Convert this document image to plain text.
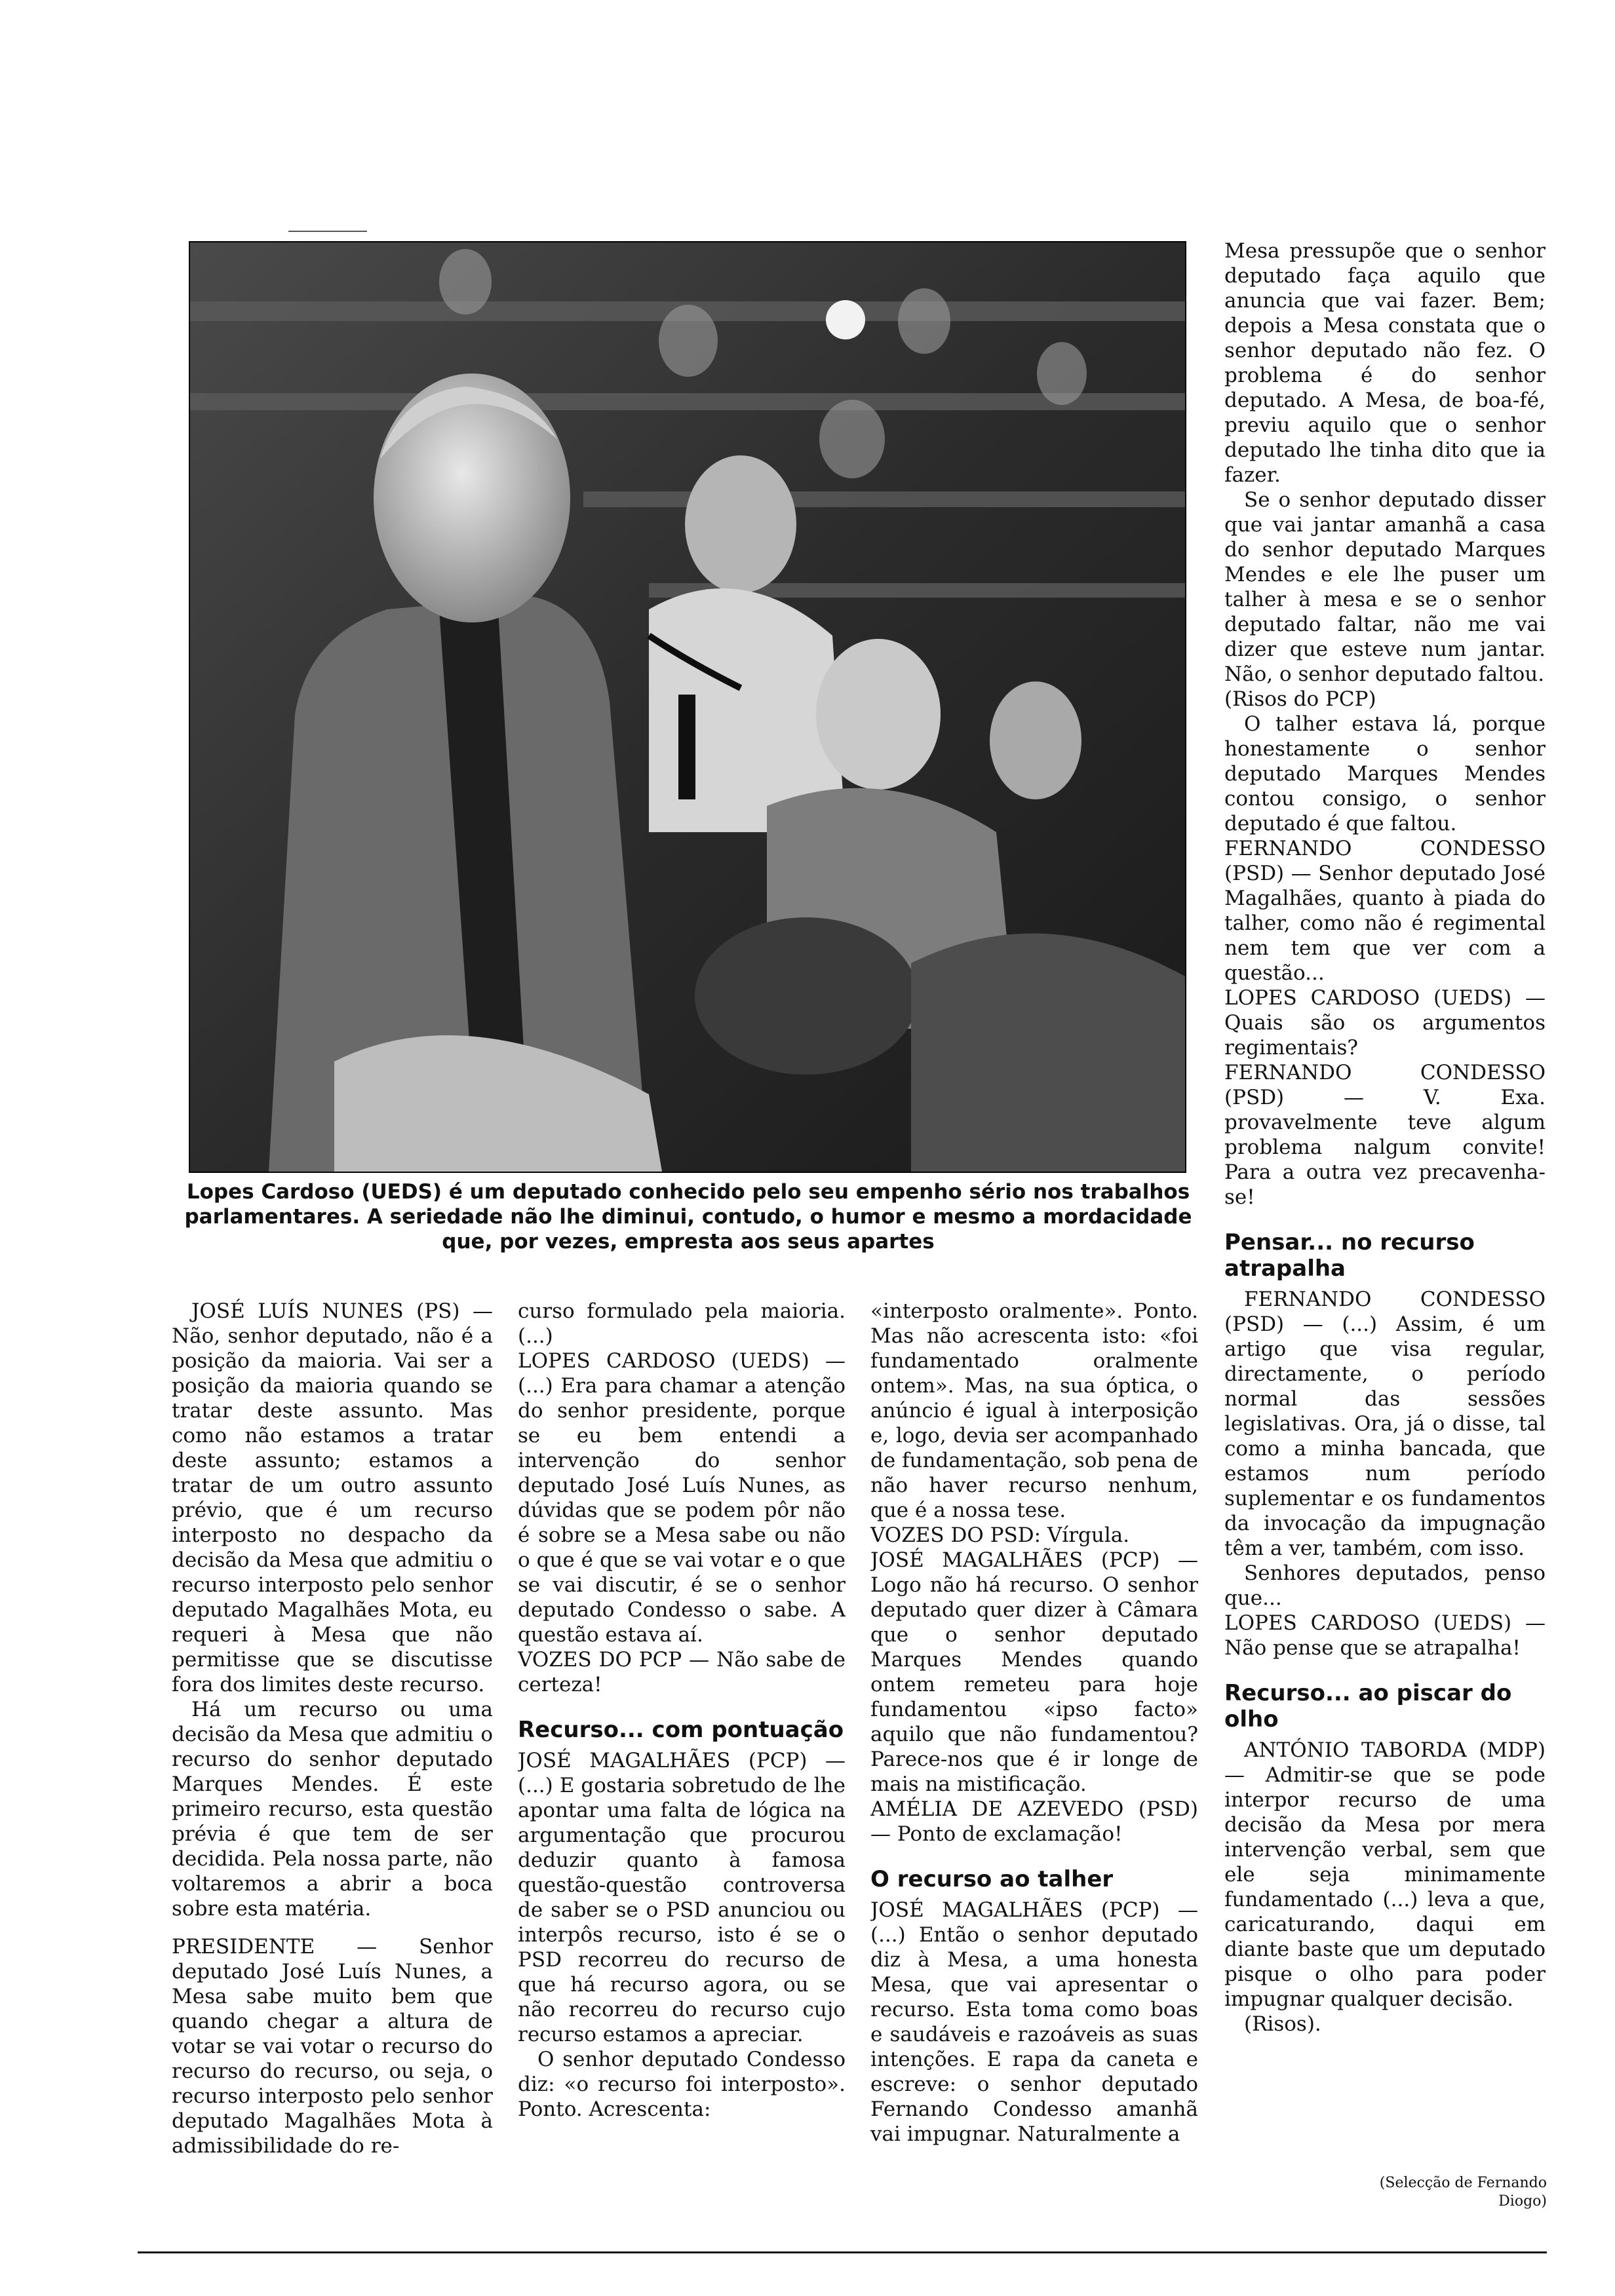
Lopes Cardoso (UEDS) é um deputado conhecido pelo seu empenho sério nos trabalhos parlamentares. A seriedade não lhe diminui, contudo, o humor e mesmo a mordacidade que, por vezes, empresta aos seus apartes

Mesa pressupõe que o senhor deputado faça aquilo que anuncia que vai fazer. Bem; depois a Mesa constata que o senhor deputado não fez. O problema é do senhor deputado. A Mesa, de boa-fé, previu aquilo que o senhor deputado lhe tinha dito que ia fazer.

Se o senhor deputado disser que vai jantar amanhã a casa do senhor deputado Marques Mendes e ele lhe puser um talher à mesa e se o senhor deputado faltar, não me vai dizer que esteve num jantar. Não, o senhor deputado faltou.

(Risos do PCP)

O talher estava lá, porque honestamente o senhor deputado Marques Mendes contou consigo, o senhor deputado é que faltou.

FERNANDO CONDESSO (PSD) — Senhor deputado José Magalhães, quanto à piada do talher, como não é regimental nem tem que ver com a questão...

LOPES CARDOSO (UEDS) — Quais são os argumentos regimentais?

FERNANDO CONDESSO (PSD) — V. Exa. provavelmente teve algum problema nalgum convite! Para a outra vez precavenha-se!

Pensar... no recurso atrapalha

FERNANDO CONDESSO (PSD) — (...) Assim, é um artigo que visa regular, directamente, o período normal das sessões legislativas. Ora, já o disse, tal como a minha bancada, que estamos num período suplementar e os fundamentos da invocação da impugnação têm a ver, também, com isso.

Senhores deputados, penso que...

LOPES CARDOSO (UEDS) — Não pense que se atrapalha!

Recurso... ao piscar do olho

ANTÓNIO TABORDA (MDP) — Admitir-se que se pode interpor recurso de uma decisão da Mesa por mera intervenção verbal, sem que ele seja minimamente fundamentado (...) leva a que, caricaturando, daqui em diante baste que um deputado pisque o olho para poder impugnar qualquer decisão.

(Risos).

(Selecção de Fernando Diogo)

JOSÉ LUÍS NUNES (PS) — Não, senhor deputado, não é a posição da maioria. Vai ser a posição da maioria quando se tratar deste assunto. Mas como não estamos a tratar deste assunto; estamos a tratar de um outro assunto prévio, que é um recurso interposto no despacho da decisão da Mesa que admitiu o recurso interposto pelo senhor deputado Magalhães Mota, eu requeri à Mesa que não permitisse que se discutisse fora dos limites deste recurso.

Há um recurso ou uma decisão da Mesa que admitiu o recurso do senhor deputado Marques Mendes. É este primeiro recurso, esta questão prévia é que tem de ser decidida. Pela nossa parte, não voltaremos a abrir a boca sobre esta matéria.

PRESIDENTE — Senhor deputado José Luís Nunes, a Mesa sabe muito bem que quando chegar a altura de votar se vai votar o recurso do recurso do recurso, ou seja, o recurso interposto pelo senhor deputado Magalhães Mota à admissibilidade do re-

curso formulado pela maioria.(...)

LOPES CARDOSO (UEDS) — (...) Era para chamar a atenção do senhor presidente, porque se eu bem entendi a intervenção do senhor deputado José Luís Nunes, as dúvidas que se podem pôr não é sobre se a Mesa sabe ou não o que é que se vai votar e o que se vai discutir, é se o senhor deputado Condesso o sabe. A questão estava aí.

VOZES DO PCP — Não sabe de certeza!

Recurso... com pontuação

JOSÉ MAGALHÃES (PCP) — (...) E gostaria sobretudo de lhe apontar uma falta de lógica na argumentação que procurou deduzir quanto à famosa questão-questão controversa de saber se o PSD anunciou ou interpôs recurso, isto é se o PSD recorreu do recurso de que há recurso agora, ou se não recorreu do recurso cujo recurso estamos a apreciar.

O senhor deputado Condesso diz: «o recurso foi interposto». Ponto. Acrescenta:

«interposto oralmente». Ponto. Mas não acrescenta isto: «foi fundamentado oralmente ontem». Mas, na sua óptica, o anúncio é igual à interposição e, logo, devia ser acompanhado de fundamentação, sob pena de não haver recurso nenhum, que é a nossa tese.

VOZES DO PSD: Vírgula.

JOSÉ MAGALHÃES (PCP) — Logo não há recurso. O senhor deputado quer dizer à Câmara que o senhor deputado Marques Mendes quando ontem remeteu para hoje fundamentou «ipso facto» aquilo que não fundamentou? Parece-nos que é ir longe de mais na mistificação.

AMÉLIA DE AZEVEDO (PSD) — Ponto de exclamação!

O recurso ao talher

JOSÉ MAGALHÃES (PCP) — (...) Então o senhor deputado diz à Mesa, a uma honesta Mesa, que vai apresentar o recurso. Esta toma como boas e saudáveis e razoáveis as suas intenções. E rapa da caneta e escreve: o senhor deputado Fernando Condesso amanhã vai impugnar. Naturalmente a
